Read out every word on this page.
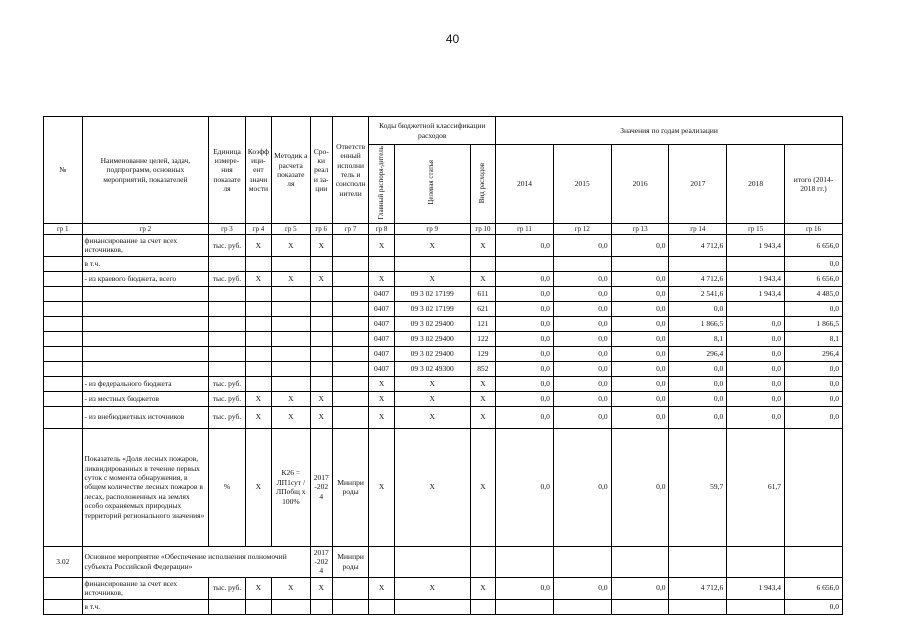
40
№	Наименование целей, задач, подпрограмм, основных мероприятий, показателей	Единица измере-ния показате ля	Коэфф ици-ент значи мости	Методик а расчета показате ля	Сро-ки реали за-ции	Ответств енный исполни тель и соисполн нители	Коды бюджетной классификации расходов			Значения по годам реализации					
							Главный распоря-дитель	Целевая статья	Вид расходов	2014	2015	2016	2017	2018	итого (2014-2018 гг.)
гр 1	гр 2	гр 3	гр 4	гр 5	гр 6	гр 7	гр 8	гр 9	гр 10	гр 11	гр 12	гр 13	гр 14	гр 15	гр 16
	финансирование за счет всех источников,	тыс. руб.	X	X	X		X	X	X	0,0	0,0	0,0	4 712,6	1 943,4	6 656,0
	в т.ч.														0,0
	- из краевого бюджета, всего	тыс. руб.	X	X	X		X	X	X	0,0	0,0	0,0	4 712,6	1 943,4	6 656,0
							0407	09 3 02 17199	611	0,0	0,0	0,0	2 541,6	1 943,4	4 485,0
							0407	09 3 02 17199	621	0,0	0,0	0,0	0,0		0,0
							0407	09 3 02 29400	121	0,0	0,0	0,0	1 866,5	0,0	1 866,5
							0407	09 3 02 29400	122	0,0	0,0	0,0	8,1	0,0	8,1
							0407	09 3 02 29400	129	0,0	0,0	0,0	296,4	0,0	296,4
							0407	09 3 02 49300	852	0,0	0,0	0,0	0,0	0,0	0,0
	- из федерального бюджета	тыс. руб.					X	X	X	0,0	0,0	0,0	0,0	0,0	0,0
	- из местных бюджетов	тыс. руб.	X	X	X		X	X	X	0,0	0,0	0,0	0,0	0,0	0,0
	- из внебюджетных источников	тыс. руб.	X	X	X		X	X	X	0,0	0,0	0,0	0,0	0,0	0,0
	Показатель «Доля лесных пожаров, ликвидированных в течение первых суток с момента обнаружения, в общем количестве лесных пожаров в лесах, расположенных на землях особо охраняемых природных территорий регионального значения»	%	X	К26 = ЛП1сут / ЛПобщ х 100%	2017-2024	Минпри роды	X	X	X	0,0	0,0	0,0	59,7	61,7	
3.02	Основное мероприятие «Обеспечение исполнения полномочий субъекта Российской Федерации»				2017-2024	Минпри роды									
	финансирование за счет всех источников,	тыс. руб.	X	X	X		X	X	X	0,0	0,0	0,0	4 712,6	1 943,4	6 656,0
	в т.ч.														0,0
